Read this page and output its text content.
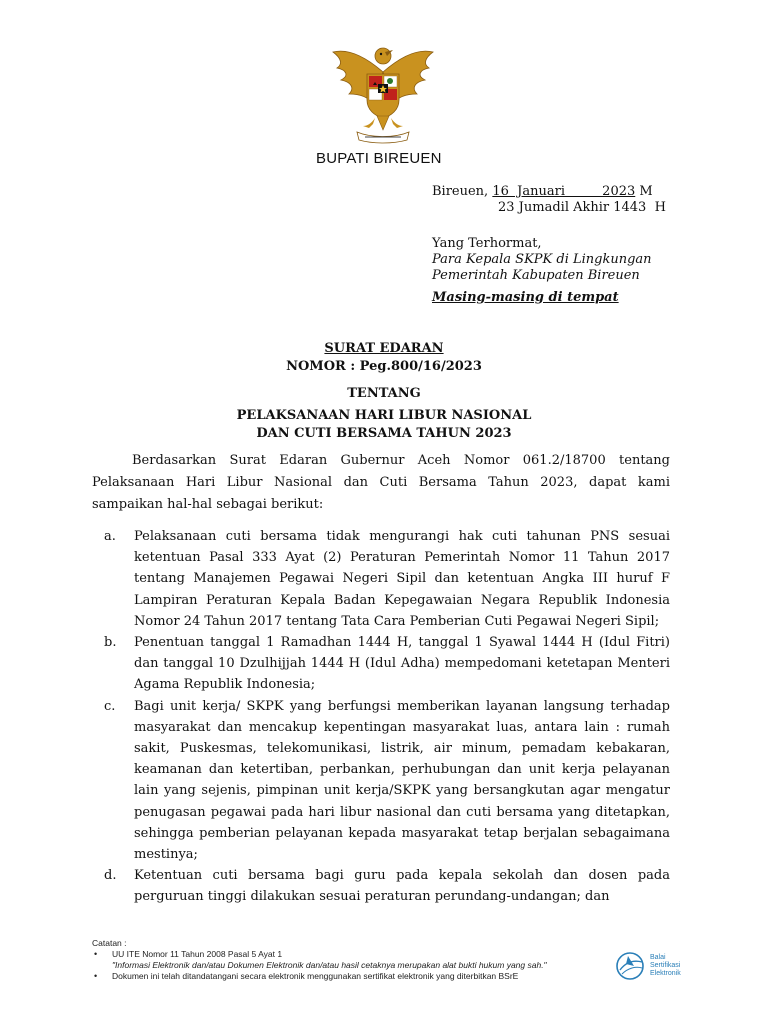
BUPATI BIREUEN
Bireuen, 16  Januari         2023 M
23 Jumadil Akhir 1443  H
Yang Terhormat,
Para Kepala SKPK di Lingkungan
Pemerintah Kabupaten Bireuen
Masing-masing di tempat
SURAT EDARAN
NOMOR : Peg.800/16/2023
TENTANG
PELAKSANAAN HARI LIBUR NASIONAL
DAN CUTI BERSAMA TAHUN 2023
Berdasarkan Surat Edaran Gubernur Aceh Nomor 061.2/18700 tentang Pelaksanaan Hari Libur Nasional dan Cuti Bersama Tahun 2023, dapat kami sampaikan hal-hal sebagai berikut:
a.	Pelaksanaan cuti bersama tidak mengurangi hak cuti tahunan PNS sesuai ketentuan Pasal 333 Ayat (2) Peraturan Pemerintah Nomor 11 Tahun 2017 tentang Manajemen Pegawai Negeri Sipil dan ketentuan Angka III huruf F Lampiran Peraturan Kepala Badan Kepegawaian Negara Republik Indonesia Nomor 24 Tahun 2017 tentang Tata Cara Pemberian Cuti Pegawai Negeri Sipil;
b.	Penentuan tanggal 1 Ramadhan 1444 H, tanggal 1 Syawal 1444 H (Idul Fitri) dan tanggal 10 Dzulhijjah 1444 H (Idul Adha) mempedomani ketetapan Menteri Agama Republik Indonesia;
c.	Bagi unit kerja/ SKPK yang berfungsi memberikan layanan langsung terhadap masyarakat dan mencakup kepentingan masyarakat luas, antara lain : rumah sakit, Puskesmas, telekomunikasi, listrik, air minum, pemadam kebakaran, keamanan dan ketertiban, perbankan, perhubungan dan unit kerja pelayanan lain yang sejenis, pimpinan unit kerja/SKPK yang bersangkutan agar mengatur penugasan pegawai pada hari libur nasional dan cuti bersama yang ditetapkan, sehingga pemberian pelayanan kepada masyarakat tetap berjalan sebagaimana mestinya;
d.	Ketentuan cuti bersama bagi guru pada kepala sekolah dan dosen pada perguruan tinggi dilakukan sesuai peraturan perundang-undangan; dan
Catatan :
• UU ITE Nomor 11 Tahun 2008 Pasal 5 Ayat 1
"Informasi Elektronik dan/atau Dokumen Elektronik dan/atau hasil cetaknya merupakan alat bukti hukum yang sah."
• Dokumen ini telah ditandatangani secara elektronik menggunakan sertifikat elektronik yang diterbitkan BSrE
Balai
Sertifikasi
Elektronik
